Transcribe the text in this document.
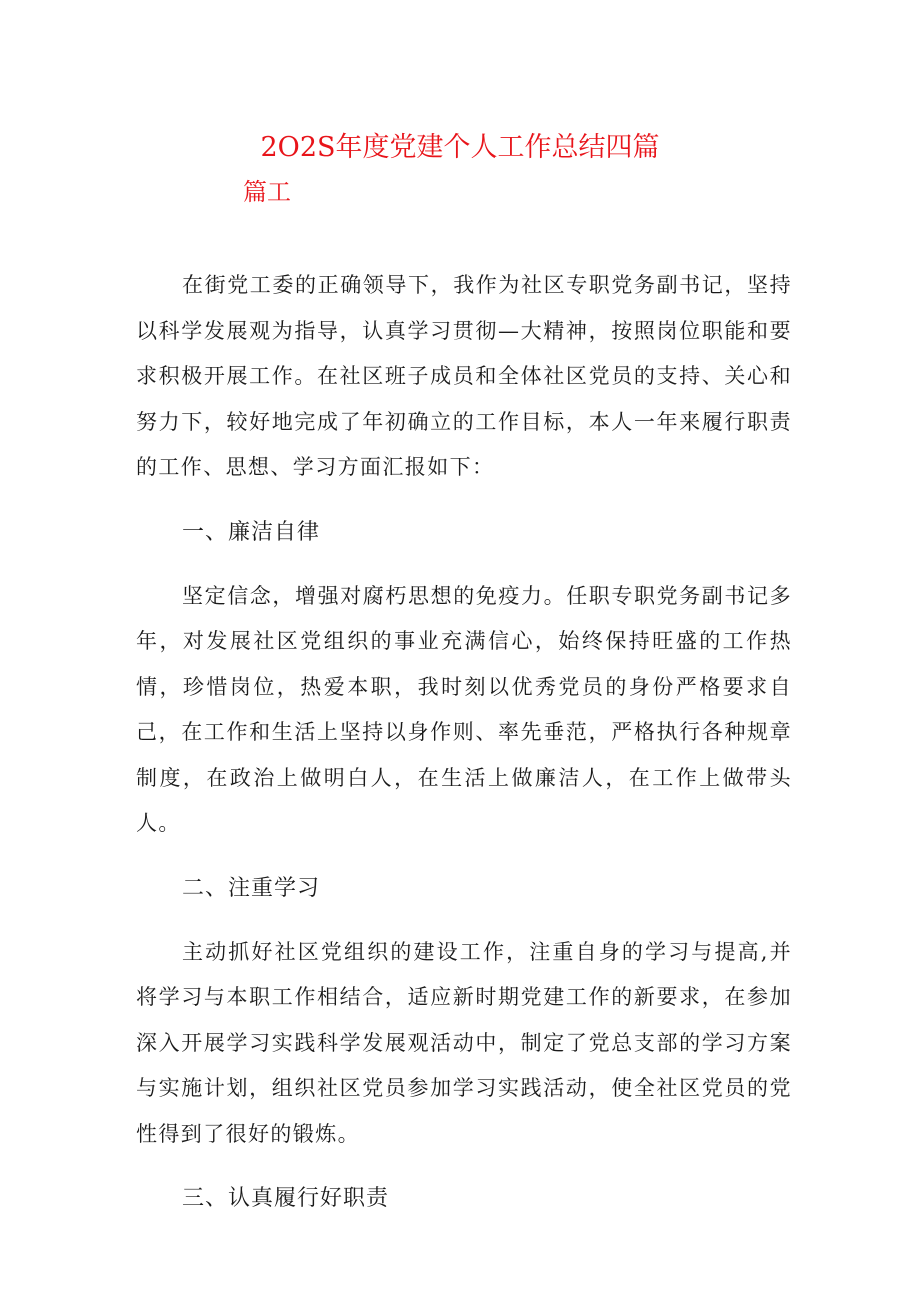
2O2S年度党建个人工作总结四篇
篇工

在街党工委的正确领导下，我作为社区专职党务副书记，坚持以科学发展观为指导，认真学习贯彻—大精神，按照岗位职能和要求积极开展工作。在社区班子成员和全体社区党员的支持、关心和努力下，较好地完成了年初确立的工作目标，本人一年来履行职责的工作、思想、学习方面汇报如下：

一、廉洁自律

坚定信念，增强对腐朽思想的免疫力。任职专职党务副书记多年，对发展社区党组织的事业充满信心，始终保持旺盛的工作热情，珍惜岗位，热爱本职，我时刻以优秀党员的身份严格要求自己，在工作和生活上坚持以身作则、率先垂范，严格执行各种规章制度，在政治上做明白人，在生活上做廉洁人，在工作上做带头人。

二、注重学习

主动抓好社区党组织的建设工作，注重自身的学习与提高,并将学习与本职工作相结合，适应新时期党建工作的新要求，在参加深入开展学习实践科学发展观活动中，制定了党总支部的学习方案与实施计划，组织社区党员参加学习实践活动，使全社区党员的党性得到了很好的锻炼。

三、认真履行好职责
